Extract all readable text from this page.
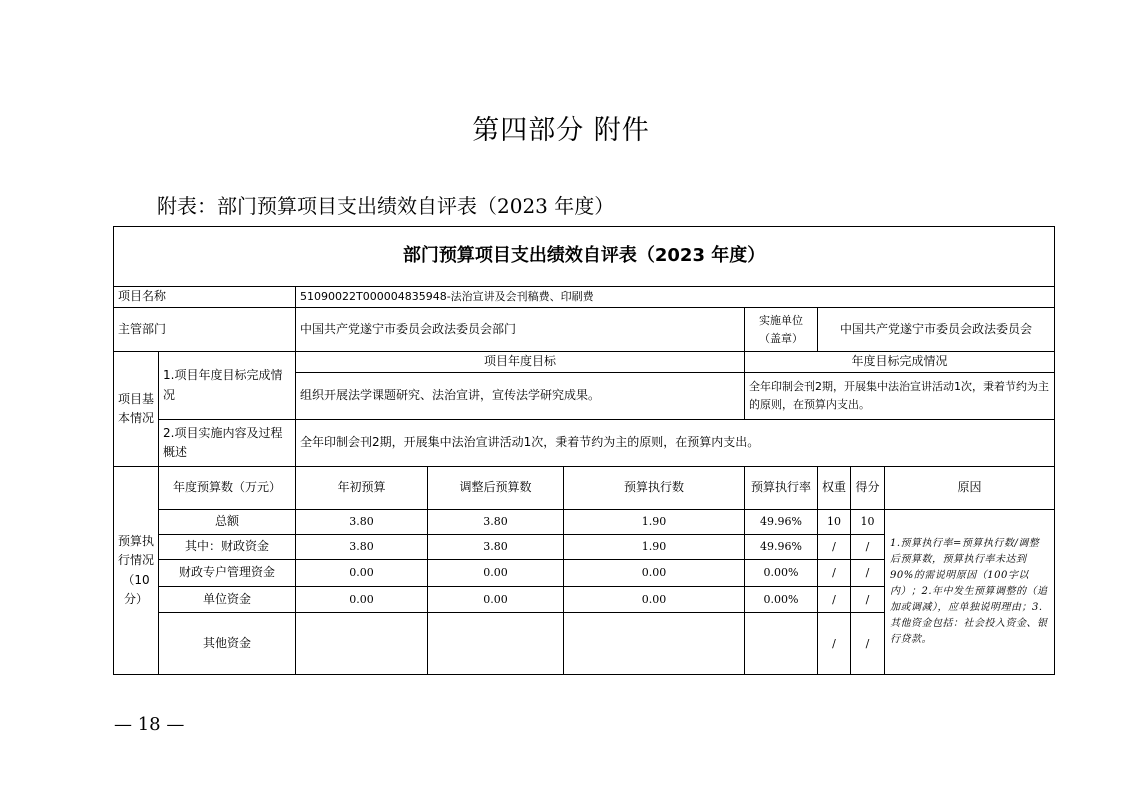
第四部分 附件
附表：部门预算项目支出绩效自评表（2023 年度）
部门预算项目支出绩效自评表（2023 年度）								
项目名称		51090022T000004835948-法治宣讲及会刊稿费、印刷费						
主管部门		中国共产党遂宁市委员会政法委员会部门			实施单位（盖章）	中国共产党遂宁市委员会政法委员会		
项目基本情况	1.项目年度目标完成情况	项目年度目标			年度目标完成情况			
		组织开展法学课题研究、法治宣讲，宣传法学研究成果。			全年印制会刊2期，开展集中法治宣讲活动1次，秉着节约为主的原则，在预算内支出。			
	2.项目实施内容及过程概述	全年印制会刊2期，开展集中法治宣讲活动1次，秉着节约为主的原则，在预算内支出。						
预算执行情况（10分）	年度预算数（万元）	年初预算	调整后预算数	预算执行数	预算执行率	权重	得分	原因
	总额	3.80	3.80	1.90	49.96%	10	10	1.预算执行率=预算执行数/调整后预算数，预算执行率未达到90%的需说明原因（100字以内）；2.年中发生预算调整的（追加或调减），应单独说明理由；3.其他资金包括：社会投入资金、银行贷款。
	其中：财政资金	3.80	3.80	1.90	49.96%	/	/	
	财政专户管理资金	0.00	0.00	0.00	0.00%	/	/	
	单位资金	0.00	0.00	0.00	0.00%	/	/	
	其他资金					/	/	
— 18 —
